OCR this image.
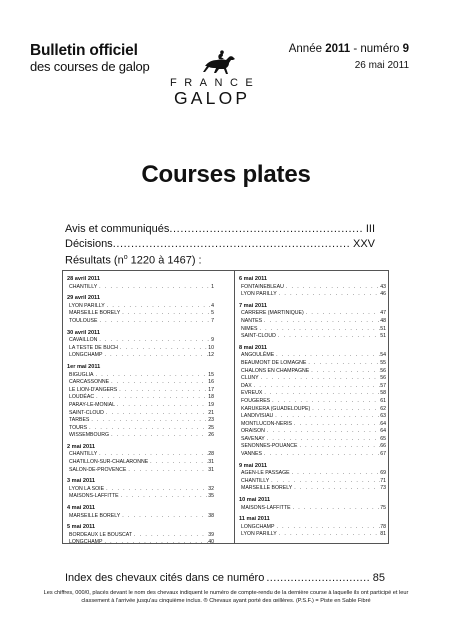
Bulletin officiel
des courses de galop
Année 2011 - numéro 9
26 mai 2011
FRANCE
GALOP
Courses plates
Avis et communiqués .....	III
Décisions .....	XXV
Résultats ($n^o$ 1220 à 1467) :
28 avril 2011
CHANTILLY . . .	1
29 avril 2011
LYON PARILLY . . .	4
MARSEILLE BORELY . . .	5
TOULOUSE . . .	7
30 avril 2011
CAVAILLON . . .	9
LA TESTE DE BUCH . . .	10
LONGCHAMP . . .	12
1er mai 2011
BIGUGLIA . . .	15
CARCASSONNE . . .	16
LE LION-D'ANGERS . . .	17
LOUDÉAC . . .	18
PARAY-LE-MONIAL . . .	19
SAINT-CLOUD . . .	21
TARBES . . .	23
TOURS . . .	25
WISSEMBOURG . . .	26
2 mai 2011
CHANTILLY . . .	28
CHATILLON-SUR-CHALARONNE . . .	31
SALON-DE-PROVENCE . . .	31
3 mai 2011
LYON LA SOIE . . .	32
MAISONS-LAFFITTE . . .	35
4 mai 2011
MARSEILLE BORELY . . .	38
5 mai 2011
BORDEAUX LE BOUSCAT . . .	39
LONGCHAMP . . .	40
6 mai 2011
FONTAINEBLEAU . . .	43
LYON PARILLY . . .	46
7 mai 2011
CARRERE (MARTINIQUE) . . .	47
NANTES . . .	48
NIMES . . .	51
SAINT-CLOUD . . .	51
8 mai 2011
ANGOULÊME . . .	54
BEAUMONT DE LOMAGNE . . .	55
CHALONS EN CHAMPAGNE . . .	56
CLUNY . . .	56
DAX . . .	57
EVREUX . . .	58
FOUGERES . . .	61
KARUKERA (GUADELOUPE) . . .	62
LANDIVISIAU . . .	63
MONTLUCON-NERIS . . .	64
ORAISON . . .	64
SAVENAY . . .	65
SENONNES-POUANCE . . .	66
VANNES . . .	67
9 mai 2011
AGEN-LE PASSAGE . . .	69
CHANTILLY . . .	71
MARSEILLE BORELY . . .	73
10 mai 2011
MAISONS-LAFFITTE . . .	75
11 mai 2011
LONGCHAMP . . .	78
LYON PARILLY . . .	81
Index des chevaux cités dans ce numéro .....	85
Les chiffres, 000/0, placés devant le nom des chevaux indiquent le numéro de compte-rendu de la dernière course à laquelle ils ont participé et leur classement à l'arrivée jusqu'au cinquième inclus. ® Chevaux ayant porté des œillères. (P.S.F.) = Piste en Sable Fibré
